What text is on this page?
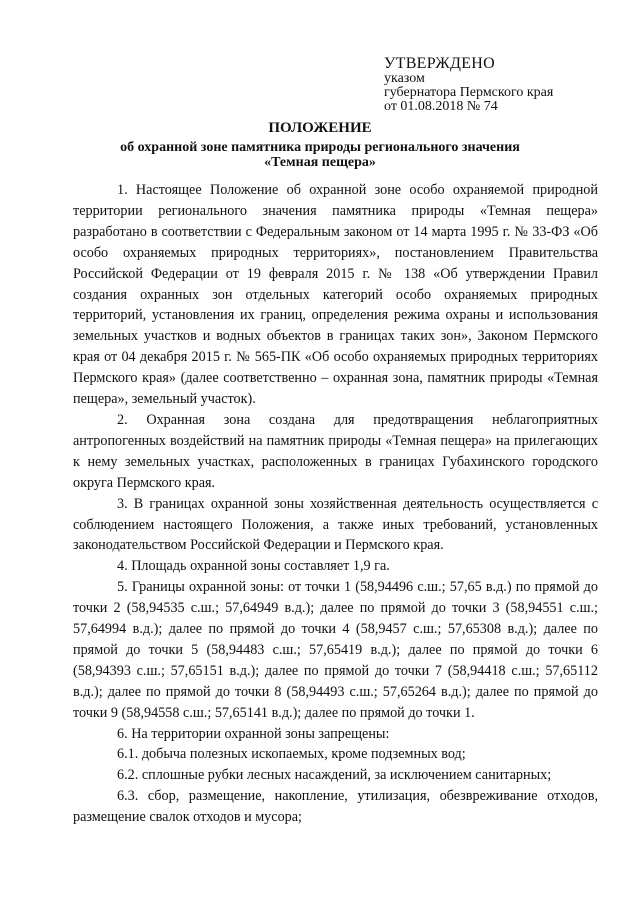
УТВЕРЖДЕНО
указом
губернатора Пермского края
от 01.08.2018 № 74
ПОЛОЖЕНИЕ
об охранной зоне памятника природы регионального значения
«Темная пещера»

1. Настоящее Положение об охранной зоне особо охраняемой природной территории регионального значения памятника природы «Темная пещера» разработано в соответствии с Федеральным законом от 14 марта 1995 г. № 33-ФЗ «Об особо охраняемых природных территориях», постановлением Правительства Российской Федерации от 19 февраля 2015 г. № 138 «Об утверждении Правил создания охранных зон отдельных категорий особо охраняемых природных территорий, установления их границ, определения режима охраны и использования земельных участков и водных объектов в границах таких зон», Законом Пермского края от 04 декабря 2015 г. № 565-ПК «Об особо охраняемых природных территориях Пермского края» (далее соответственно – охранная зона, памятник природы «Темная пещера», земельный участок).

2. Охранная зона создана для предотвращения неблагоприятных антропогенных воздействий на памятник природы «Темная пещера» на прилегающих к нему земельных участках, расположенных в границах Губахинского городского округа Пермского края.

3. В границах охранной зоны хозяйственная деятельность осуществляется с соблюдением настоящего Положения, а также иных требований, установленных законодательством Российской Федерации и Пермского края.

4. Площадь охранной зоны составляет 1,9 га.

5. Границы охранной зоны: от точки 1 (58,94496 с.ш.; 57,65 в.д.) по прямой до точки 2 (58,94535 с.ш.; 57,64949 в.д.); далее по прямой до точки 3 (58,94551 с.ш.; 57,64994 в.д.); далее по прямой до точки 4 (58,9457 с.ш.; 57,65308 в.д.); далее по прямой до точки 5 (58,94483 с.ш.; 57,65419 в.д.); далее по прямой до точки 6 (58,94393 с.ш.; 57,65151 в.д.); далее по прямой до точки 7 (58,94418 с.ш.; 57,65112 в.д.); далее по прямой до точки 8 (58,94493 с.ш.; 57,65264 в.д.); далее по прямой до точки 9 (58,94558 с.ш.; 57,65141 в.д.); далее по прямой до точки 1.

6. На территории охранной зоны запрещены:

6.1. добыча полезных ископаемых, кроме подземных вод;

6.2. сплошные рубки лесных насаждений, за исключением санитарных;

6.3. сбор, размещение, накопление, утилизация, обезвреживание отходов, размещение свалок отходов и мусора;
